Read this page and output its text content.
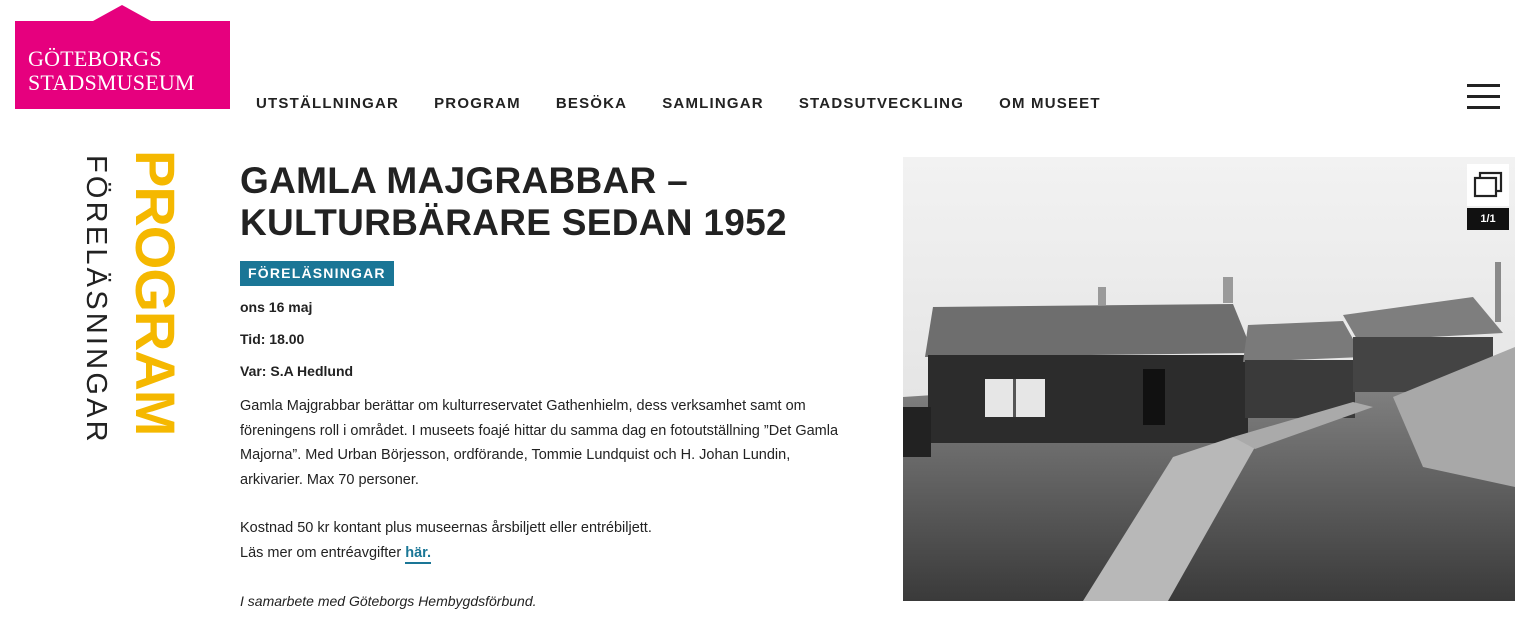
GÖTEBORGS
STADSMUSEUM
UTSTÄLLNINGAR PROGRAM BESÖKA SAMLINGAR STADSUTVECKLING OM MUSEET
PROGRAM
FÖRELÄSNINGAR	GAMLA MAJGRABBAR – KULTURBÄRARE SEDAN 1952
FÖRELÄSNINGAR
ons 16 maj
Tid: 18.00
Var: S.A Hedlund

Gamla Majgrabbar berättar om kulturreservatet Gathenhielm, dess verksamhet samt om föreningens roll i området. I museets foajé hittar du samma dag en fotoutställning ”Det Gamla Majorna”. Med Urban Börjesson, ordförande, Tommie Lundquist och H. Johan Lundin, arkivarier. Max 70 personer.

Kostnad 50 kr kontant plus museernas årsbiljett eller entrébiljett.
Läs mer om entréavgifter här.
I samarbete med Göteborgs Hembygdsförbund.
1/1
